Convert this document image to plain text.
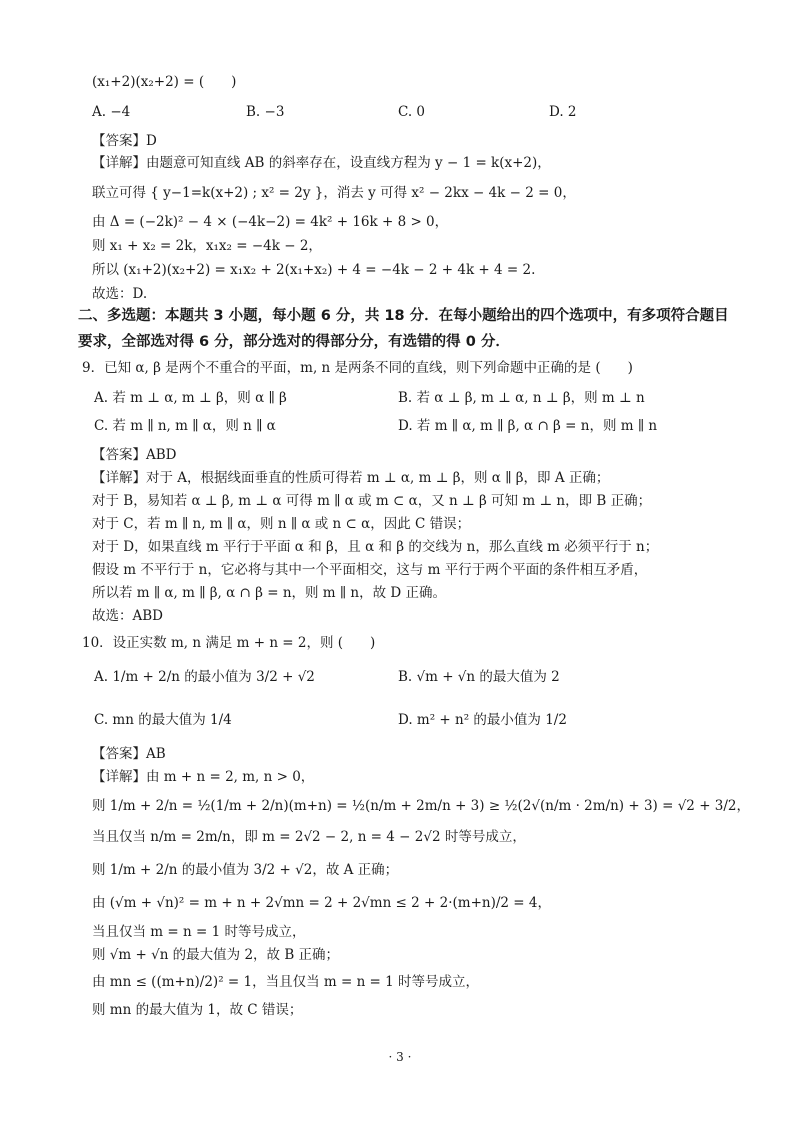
(x₁+2)(x₂+2) = (　　)
A. −4	B. −3	C. 0	D. 2
【答案】D
【详解】由题意可知直线 AB 的斜率存在，设直线方程为 y − 1 = k(x+2)，
联立可得 { y−1=k(x+2) ; x² = 2y }，消去 y 可得 x² − 2kx − 4k − 2 = 0，
由 Δ = (−2k)² − 4 × (−4k−2) = 4k² + 16k + 8 > 0，
则 x₁ + x₂ = 2k，x₁x₂ = −4k − 2，
所以 (x₁+2)(x₂+2) = x₁x₂ + 2(x₁+x₂) + 4 = −4k − 2 + 4k + 4 = 2.
故选：D.
二、多选题：本题共 3 小题，每小题 6 分，共 18 分．在每小题给出的四个选项中，有多项符合题目
要求，全部选对得 6 分，部分选对的得部分分，有选错的得 0 分．
9．已知 α, β 是两个不重合的平面，m, n 是两条不同的直线，则下列命题中正确的是 (　　)
A. 若 m ⊥ α, m ⊥ β，则 α ∥ β	B. 若 α ⊥ β, m ⊥ α, n ⊥ β，则 m ⊥ n
C. 若 m ∥ n, m ∥ α，则 n ∥ α	D. 若 m ∥ α, m ∥ β, α ∩ β = n，则 m ∥ n
【答案】ABD
【详解】对于 A，根据线面垂直的性质可得若 m ⊥ α, m ⊥ β，则 α ∥ β，即 A 正确；
对于 B，易知若 α ⊥ β, m ⊥ α 可得 m ∥ α 或 m ⊂ α，又 n ⊥ β 可知 m ⊥ n，即 B 正确；
对于 C，若 m ∥ n, m ∥ α，则 n ∥ α 或 n ⊂ α，因此 C 错误；
对于 D，如果直线 m 平行于平面 α 和 β，且 α 和 β 的交线为 n，那么直线 m 必须平行于 n；
假设 m 不平行于 n，它必将与其中一个平面相交，这与 m 平行于两个平面的条件相互矛盾，
所以若 m ∥ α, m ∥ β, α ∩ β = n，则 m ∥ n，故 D 正确。
故选：ABD
10．设正实数 m, n 满足 m + n = 2，则 (　　)
A. 1/m + 2/n 的最小值为 3/2 + √2	B. √m + √n 的最大值为 2
C. mn 的最大值为 1/4	D. m² + n² 的最小值为 1/2
【答案】AB
【详解】由 m + n = 2, m, n > 0，
则 1/m + 2/n = ½(1/m + 2/n)(m+n) = ½(n/m + 2m/n + 3) ≥ ½(2√(n/m · 2m/n) + 3) = √2 + 3/2，
当且仅当 n/m = 2m/n，即 m = 2√2 − 2, n = 4 − 2√2 时等号成立，
则 1/m + 2/n 的最小值为 3/2 + √2，故 A 正确；
由 (√m + √n)² = m + n + 2√mn = 2 + 2√mn ≤ 2 + 2·(m+n)/2 = 4，
当且仅当 m = n = 1 时等号成立，
则 √m + √n 的最大值为 2，故 B 正确；
由 mn ≤ ((m+n)/2)² = 1，当且仅当 m = n = 1 时等号成立，
则 mn 的最大值为 1，故 C 错误；
· 3 ·
